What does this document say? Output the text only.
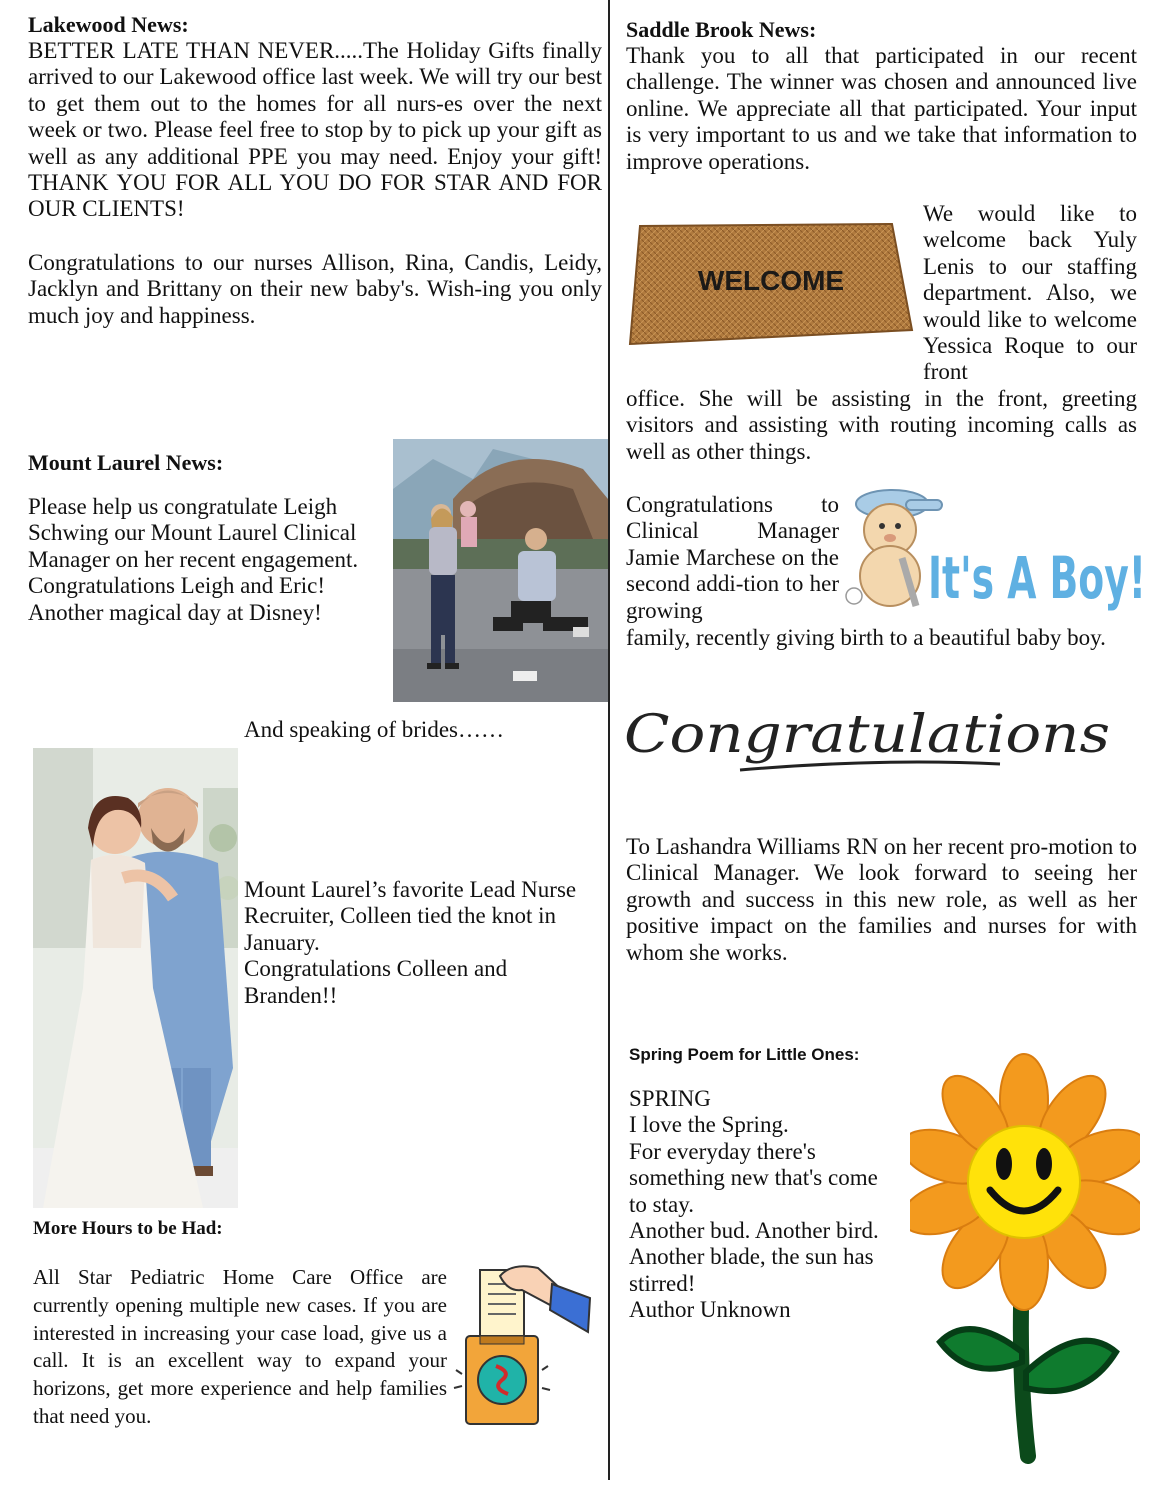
Lakewood News:

BETTER LATE THAN NEVER.....The Holiday Gifts finally arrived to our Lakewood office last week. We will try our best to get them out to the homes for all nurs-es over the next week or two. Please feel free to stop by to pick up your gift as well as any additional PPE you may need. Enjoy your gift! THANK YOU FOR ALL YOU DO FOR STAR AND FOR OUR CLIENTS!

Congratulations to our nurses Allison, Rina, Candis, Leidy, Jacklyn and Brittany on their new baby's. Wish-ing you only much joy and happiness.

Mount Laurel News:
Please help us congratulate Leigh
Schwing our Mount Laurel Clinical
Manager on her recent engagement.
Congratulations Leigh and Eric!
Another magical day at Disney!
And speaking of brides……
Mount Laurel’s favorite Lead Nurse
Recruiter, Colleen tied the knot in
January.
Congratulations Colleen and
Branden!!
More Hours to be Had:

All Star Pediatric Home Care Office are currently opening multiple new cases. If you are interested in increasing your case load, give us a call. It is an excellent way to expand your horizons, get more experience and help families that need you.

Saddle Brook News:

Thank you to all that participated in our recent challenge. The winner was chosen and announced live online. We appreciate all that participated. Your input is very important to us and we take that information to improve operations.

WELCOME

We would like to welcome back Yuly Lenis to our staffing department. Also, we would like to welcome Yessica Roque to our front

office. She will be assisting in the front, greeting visitors and assisting with routing incoming calls as well as other things.

Congratulations to Clinical Manager Jamie Marchese on the second addi-tion to her growing	It's A Boy!

family, recently giving birth to a beautiful baby boy.

Congratulations

To Lashandra Williams RN on her recent pro-motion to Clinical Manager. We look forward to seeing her growth and success in this new role, as well as her positive impact on the families and nurses for with whom she works.

Spring Poem for Little Ones:
SPRING
I love the Spring.
For everyday there's
something new that's come
to stay.
Another bud. Another bird.
Another blade, the sun has
stirred!
Author Unknown
